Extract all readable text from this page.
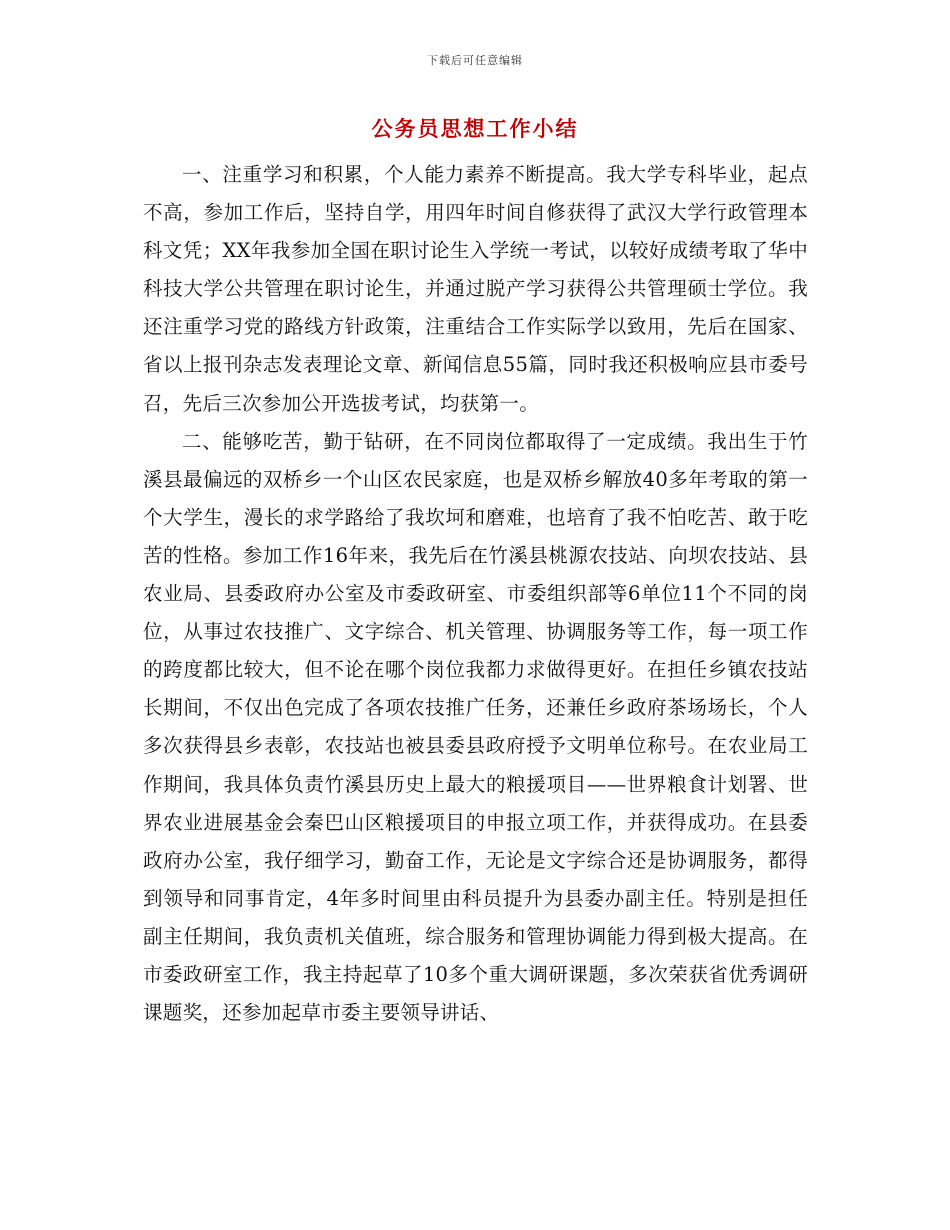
下载后可任意编辑
公务员思想工作小结

一、注重学习和积累，个人能力素养不断提高。我大学专科毕业，起点不高，参加工作后，坚持自学，用四年时间自修获得了武汉大学行政管理本科文凭；XX年我参加全国在职讨论生入学统一考试，以较好成绩考取了华中科技大学公共管理在职讨论生，并通过脱产学习获得公共管理硕士学位。我还注重学习党的路线方针政策，注重结合工作实际学以致用，先后在国家、省以上报刊杂志发表理论文章、新闻信息55篇，同时我还积极响应县市委号召，先后三次参加公开选拔考试，均获第一。

二、能够吃苦，勤于钻研，在不同岗位都取得了一定成绩。我出生于竹溪县最偏远的双桥乡一个山区农民家庭，也是双桥乡解放40多年考取的第一个大学生，漫长的求学路给了我坎坷和磨难，也培育了我不怕吃苦、敢于吃苦的性格。参加工作16年来，我先后在竹溪县桃源农技站、向坝农技站、县农业局、县委政府办公室及市委政研室、市委组织部等6单位11个不同的岗位，从事过农技推广、文字综合、机关管理、协调服务等工作，每一项工作的跨度都比较大，但不论在哪个岗位我都力求做得更好。在担任乡镇农技站长期间，不仅出色完成了各项农技推广任务，还兼任乡政府茶场场长，个人多次获得县乡表彰，农技站也被县委县政府授予文明单位称号。在农业局工作期间，我具体负责竹溪县历史上最大的粮援项目——世界粮食计划署、世界农业进展基金会秦巴山区粮援项目的申报立项工作，并获得成功。在县委政府办公室，我仔细学习，勤奋工作，无论是文字综合还是协调服务，都得到领导和同事肯定，4年多时间里由科员提升为县委办副主任。特别是担任副主任期间，我负责机关值班，综合服务和管理协调能力得到极大提高。在市委政研室工作，我主持起草了10多个重大调研课题，多次荣获省优秀调研课题奖，还参加起草市委主要领导讲话、
